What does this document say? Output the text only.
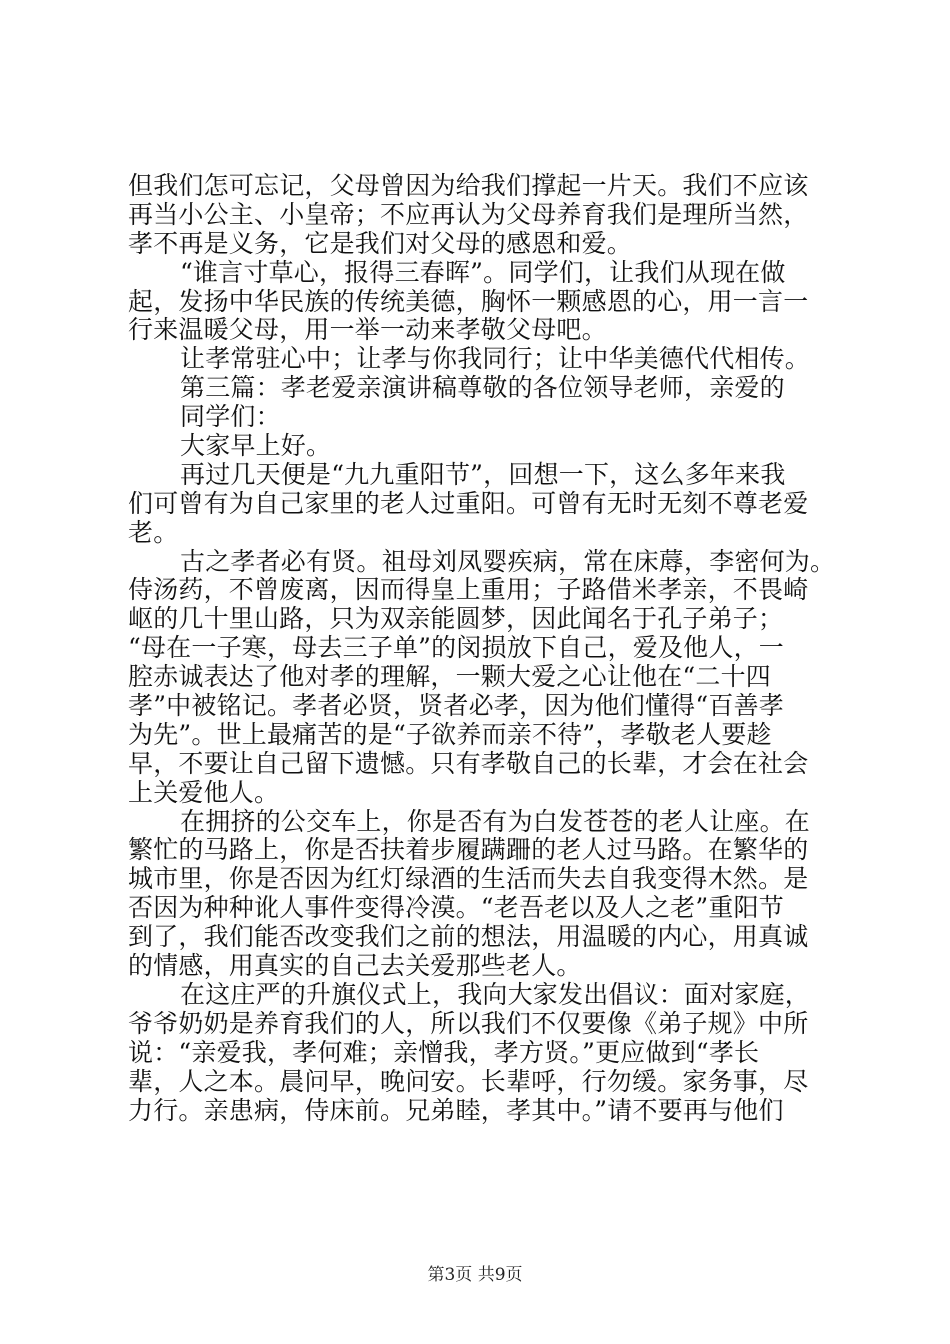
但我们怎可忘记，父母曾因为给我们撑起一片天。我们不应该
再当小公主、小皇帝；不应再认为父母养育我们是理所当然，
孝不再是义务，它是我们对父母的感恩和爱。
“谁言寸草心，报得三春晖”。同学们，让我们从现在做
起，发扬中华民族的传统美德，胸怀一颗感恩的心，用一言一
行来温暖父母，用一举一动来孝敬父母吧。
让孝常驻心中；让孝与你我同行；让中华美德代代相传。
第三篇：孝老爱亲演讲稿尊敬的各位领导老师，亲爱的
同学们：
大家早上好。
再过几天便是“九九重阳节”，回想一下，这么多年来我
们可曾有为自己家里的老人过重阳。可曾有无时无刻不尊老爱
老。
古之孝者必有贤。祖母刘凤婴疾病，常在床蓐，李密何为。
侍汤药，不曾废离，因而得皇上重用；子路借米孝亲，不畏崎
岖的几十里山路，只为双亲能圆梦，因此闻名于孔子弟子；
“母在一子寒，母去三子单”的闵损放下自己，爱及他人，一
腔赤诚表达了他对孝的理解，一颗大爱之心让他在“二十四
孝”中被铭记。孝者必贤，贤者必孝，因为他们懂得“百善孝
为先”。世上最痛苦的是“子欲养而亲不待”，孝敬老人要趁
早，不要让自己留下遗憾。只有孝敬自己的长辈，才会在社会
上关爱他人。
在拥挤的公交车上，你是否有为白发苍苍的老人让座。在
繁忙的马路上，你是否扶着步履蹒跚的老人过马路。在繁华的
城市里，你是否因为红灯绿酒的生活而失去自我变得木然。是
否因为种种讹人事件变得冷漠。“老吾老以及人之老”重阳节
到了，我们能否改变我们之前的想法，用温暖的内心，用真诚
的情感，用真实的自己去关爱那些老人。
在这庄严的升旗仪式上，我向大家发出倡议：面对家庭，
爷爷奶奶是养育我们的人，所以我们不仅要像《弟子规》中所
说：“亲爱我，孝何难；亲憎我，孝方贤。”更应做到“孝长
辈，人之本。晨问早，晚问安。长辈呼，行勿缓。家务事，尽
力行。亲患病，侍床前。兄弟睦，孝其中。”请不要再与他们
第3页 共9页
